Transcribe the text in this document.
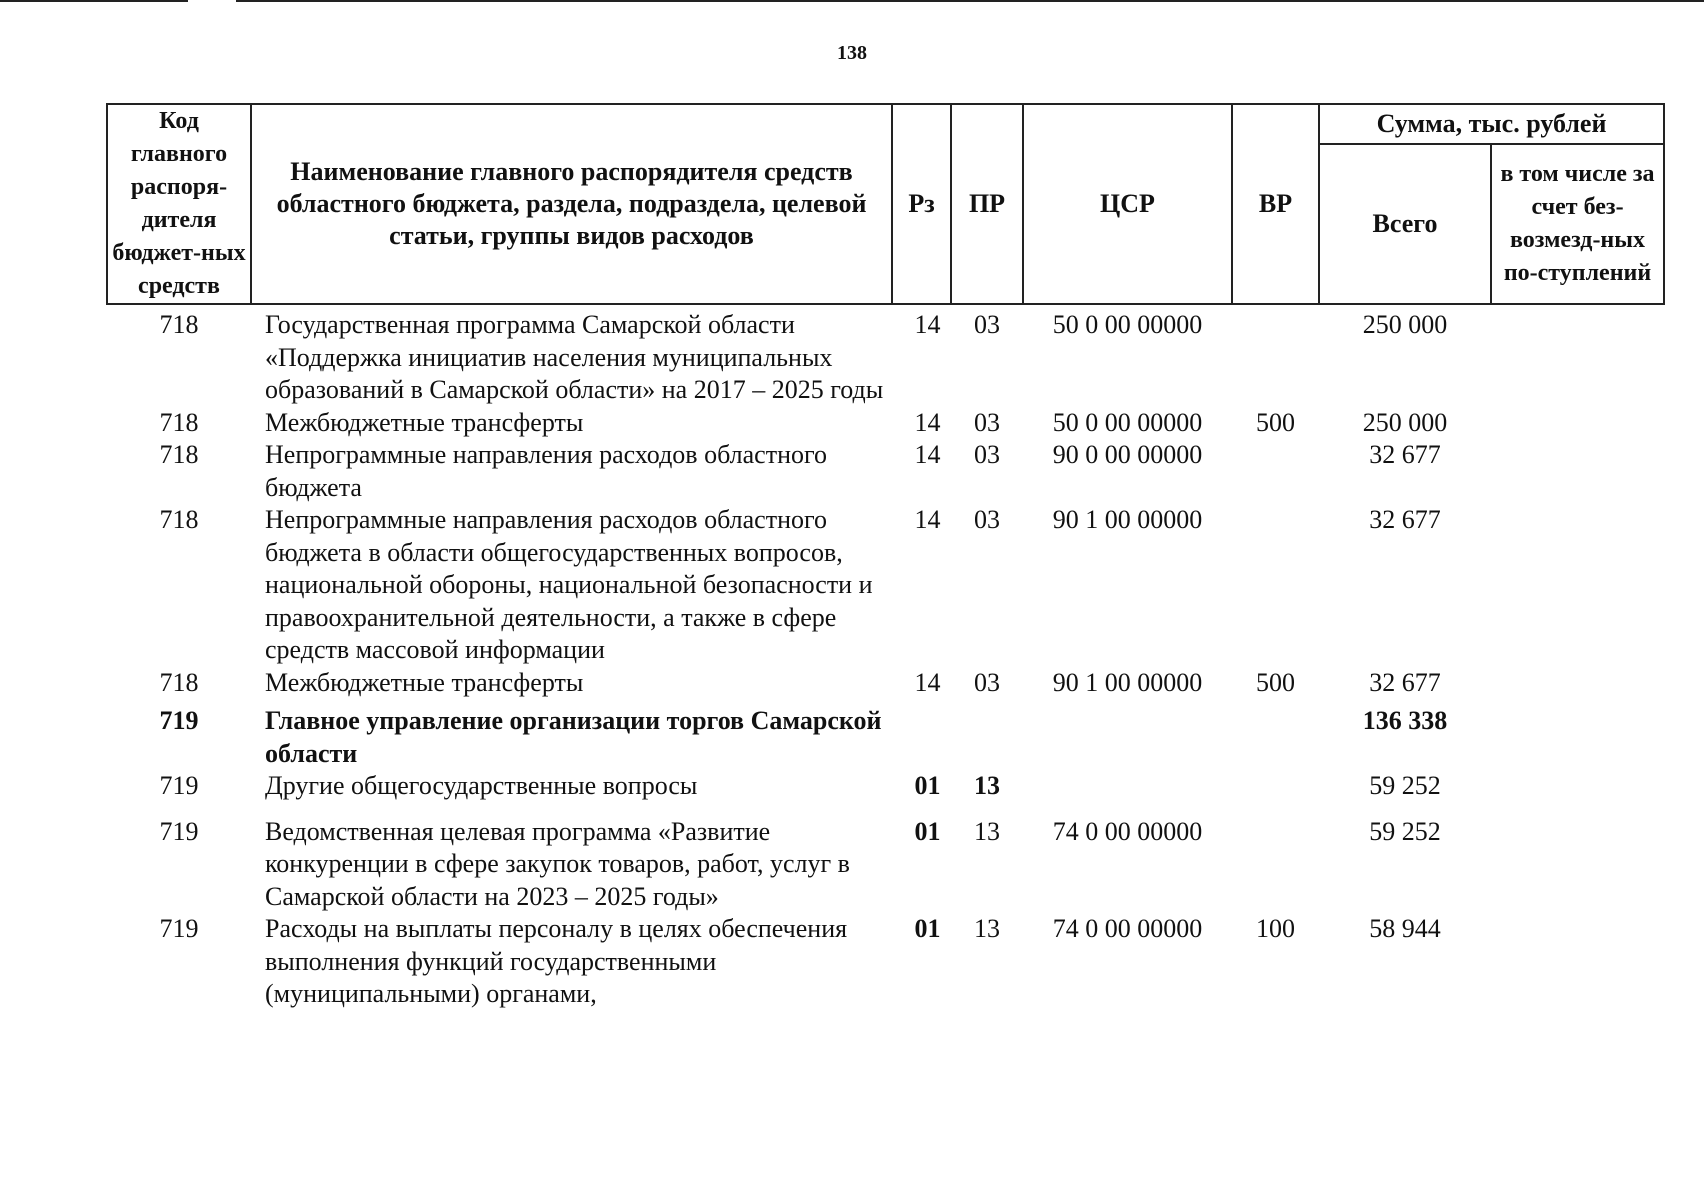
138
Код главного распоря-дителя бюджет-ных средств	Наименование главного распорядителя средств областного бюджета, раздела, подраздела, целевой статьи, группы видов расходов	Рз	ПР	ЦСР	ВР	Сумма, тыс. рублей	
						Всего	в том числе за счет без-возмезд-ных по-ступлений
718	Государственная программа Самарской области «Поддержка инициатив населения муниципальных образований в Самарской области» на 2017 – 2025 годы	14	03	50 0 00 00000		250 000	
718	Межбюджетные трансферты	14	03	50 0 00 00000	500	250 000	
718	Непрограммные направления расходов областного бюджета	14	03	90 0 00 00000		32 677	
718	Непрограммные направления расходов областного бюджета в области общегосударственных вопросов, национальной обороны, национальной безопасности и правоохранительной деятельности, а также в сфере средств массовой информации	14	03	90 1 00 00000		32 677	
718	Межбюджетные трансферты	14	03	90 1 00 00000	500	32 677	
719	Главное управление организации торгов Самарской области					136 338	
719	Другие общегосударственные вопросы	01	13			59 252	
719	Ведомственная целевая программа «Развитие конкуренции в сфере закупок товаров, работ, услуг в Самарской области на 2023 – 2025 годы»	01	13	74 0 00 00000		59 252	
719	Расходы на выплаты персоналу в целях обеспечения выполнения функций государственными (муниципальными) органами,	01	13	74 0 00 00000	100	58 944	
